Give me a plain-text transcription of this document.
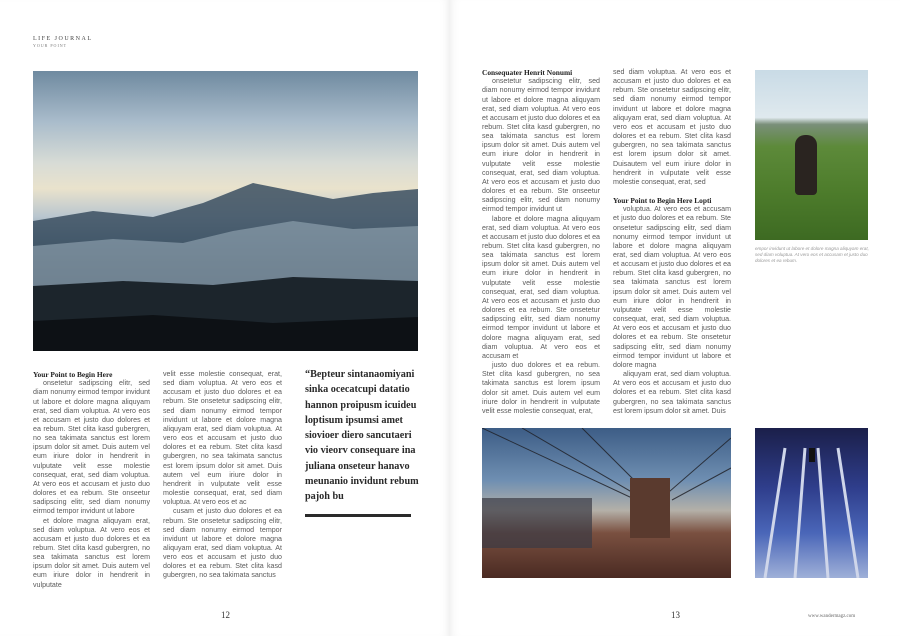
LIFE JOURNAL
YOUR POINT
Your Point to Begin Here

onsetetur sadipscing elitr, sed diam nonumy eirmod tempor invidunt ut labore et dolore magna aliquyam erat, sed diam voluptua. At vero eos et accusam et justo duo dolores et ea rebum. Stet clita kasd gubergren, no sea takimata sanctus est lorem ipsum dolor sit amet. Duis autem vel eum iriure dolor in hendrerit in vulputate velit esse molestie consequat, erat, sed diam voluptua. At vero eos et accusam et justo duo dolores et ea rebum. Ste onseetur sadipscing elitr, sed diam nonumy eirmod tempor invidunt ut labore

et dolore magna aliquyam erat, sed diam voluptua. At vero eos et accusam et justo duo dolores et ea rebum. Stet clita kasd gubergren, no sea takimata sanctus est lorem ipsum dolor sit amet. Duis autem vel eum iriure dolor in hendrerit in vulputate

velit esse molestie consequat, erat, sed diam voluptua. At vero eos et accusam et justo duo dolores et ea rebum. Ste onsetetur sadipscing elitr, sed diam nonumy eirmod tempor invidunt ut labore et dolore magna aliquyam erat, sed diam voluptua. At vero eos et accusam et justo duo dolores et ea rebum. Stet clita kasd gubergren, no sea takimata sanctus est lorem ipsum dolor sit amet. Duis autem vel eum iriure dolor in hendrerit in vulputate velit esse molestie consequat, erat, sed diam voluptua. At vero eos et ac

cusam et justo duo dolores et ea rebum. Ste onsetetur sadipscing elitr, sed diam nonumy eirmod tempor invidunt ut labore et dolore magna aliquyam erat, sed diam voluptua. At vero eos et accusam et justo duo dolores et ea rebum. Stet clita kasd gubergren, no sea takimata sanctus

“Bepteur sintanaomiyani sinka ocecatcupi datatio hannon proipusm icuideu loptisum ipsumsi amet siovioer diero sancutaeri vio vieorv consequare ina juliana onseteur hanavo meunanio invidunt rebum pajoh bu
12
Consequater Henrit Nonumi

onsetetur sadipscing elitr, sed diam nonumy eirmod tempor invidunt ut labore et dolore magna aliquyam erat, sed diam voluptua. At vero eos et accusam et justo duo dolores et ea rebum. Stet clita kasd gubergren, no sea takimata sanctus est lorem ipsum dolor sit amet. Duis autem vel eum iriure dolor in hendrerit in vulputate velit esse molestie consequat, erat, sed diam voluptua. At vero eos et accusam et justo duo dolores et ea rebum. Ste onseetur sadipscing elitr, sed diam nonumy eirmod tempor invidunt ut

labore et dolore magna aliquyam erat, sed diam voluptua. At vero eos et accusam et justo duo dolores et ea rebum. Stet clita kasd gubergren, no sea takimata sanctus est lorem ipsum dolor sit amet. Duis autem vel eum iriure dolor in hendrerit in vulputate velit esse molestie consequat, erat, sed diam voluptua. At vero eos et accusam et justo duo dolores et ea rebum. Ste onsetetur sadipscing elitr, sed diam nonumy eirmod tempor invidunt ut labore et dolore magna aliquyam erat, sed diam voluptua. At vero eos et accusam et

justo duo dolores et ea rebum. Stet clita kasd gubergren, no sea takimata sanctus est lorem ipsum dolor sit amet. Duis autem vel eum iriure dolor in hendrerit in vulputate velit esse molestie consequat, erat,

sed diam voluptua. At vero eos et accusam et justo duo dolores et ea rebum. Ste onsetetur sadipscing elitr, sed diam nonumy eirmod tempor invidunt ut labore et dolore magna aliquyam erat, sed diam voluptua. At vero eos et accusam et justo duo dolores et ea rebum. Stet clita kasd gubergren, no sea takimata sanctus est lorem ipsum dolor sit amet. Duisautem vel eum iriure dolor in hendrerit in vulputate velit esse molestie consequat, erat, sed

Your Point to Begin Here Lopti

voluptua. At vero eos et accusam et justo duo dolores et ea rebum. Ste onsetetur sadipscing elitr, sed diam nonumy eirmod tempor invidunt ut labore et dolore magna aliquyam erat, sed diam voluptua. At vero eos et accusam et justo duo dolores et ea rebum. Stet clita kasd gubergren, no sea takimata sanctus est lorem ipsum dolor sit amet. Duis autem vel eum iriure dolor in hendrerit in vulputate velit esse molestie consequat, erat, sed diam voluptua. At vero eos et accusam et justo duo dolores et ea rebum. Ste onsetetur sadipscing elitr, sed diam nonumy eirmod tempor invidunt ut labore et dolore magna

aliquyam erat, sed diam voluptua. At vero eos et accusam et justo duo dolores et ea rebum. Stet clita kasd gubergren, no sea takimata sanctus est lorem ipsum dolor sit amet. Duis

empor invidunt ut labore et dolore magna aliquyam erat, sed diam voluptua. At vero eos et accusam et justo duo dolores et ea rebum.
13	www.wandermagz.com
